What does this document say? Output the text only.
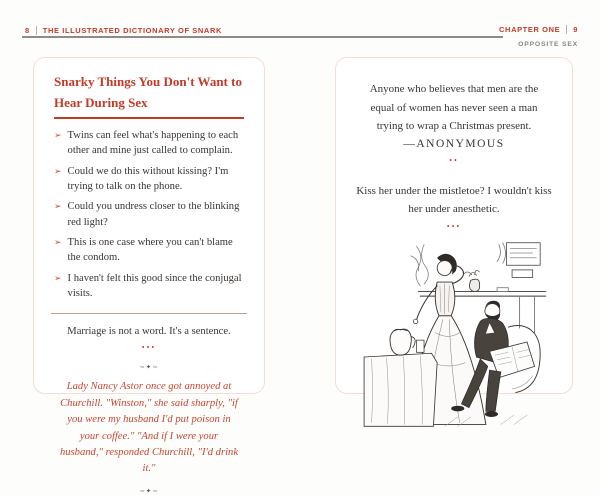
8 THE ILLUSTRATED DICTIONARY OF SNARK	CHAPTER ONE 9
OPPOSITE SEX
Snarky Things You Don't Want to Hear During Sex
➢ Twins can feel what's happening to each other and mine just called to complain.
➢ Could we do this without kissing? I'm trying to talk on the phone.
➢ Could you undress closer to the blinking red light?
➢ This is one case where you can't blame the condom.
➢ I haven't felt this good since the conjugal visits.

Marriage is not a word. It's a sentence.

•••
∼✦∼

Lady Nancy Astor once got annoyed at Churchill. "Winston," she said sharply, "if you were my husband I'd put poison in your coffee." "And if I were your husband," responded Churchill, "I'd drink it."

∼✦∼

Anyone who believes that men are the equal of women has never seen a man trying to wrap a Christmas present.

—ANONYMOUS
••

Kiss her under the mistletoe? I wouldn't kiss her under anesthetic.

•••
